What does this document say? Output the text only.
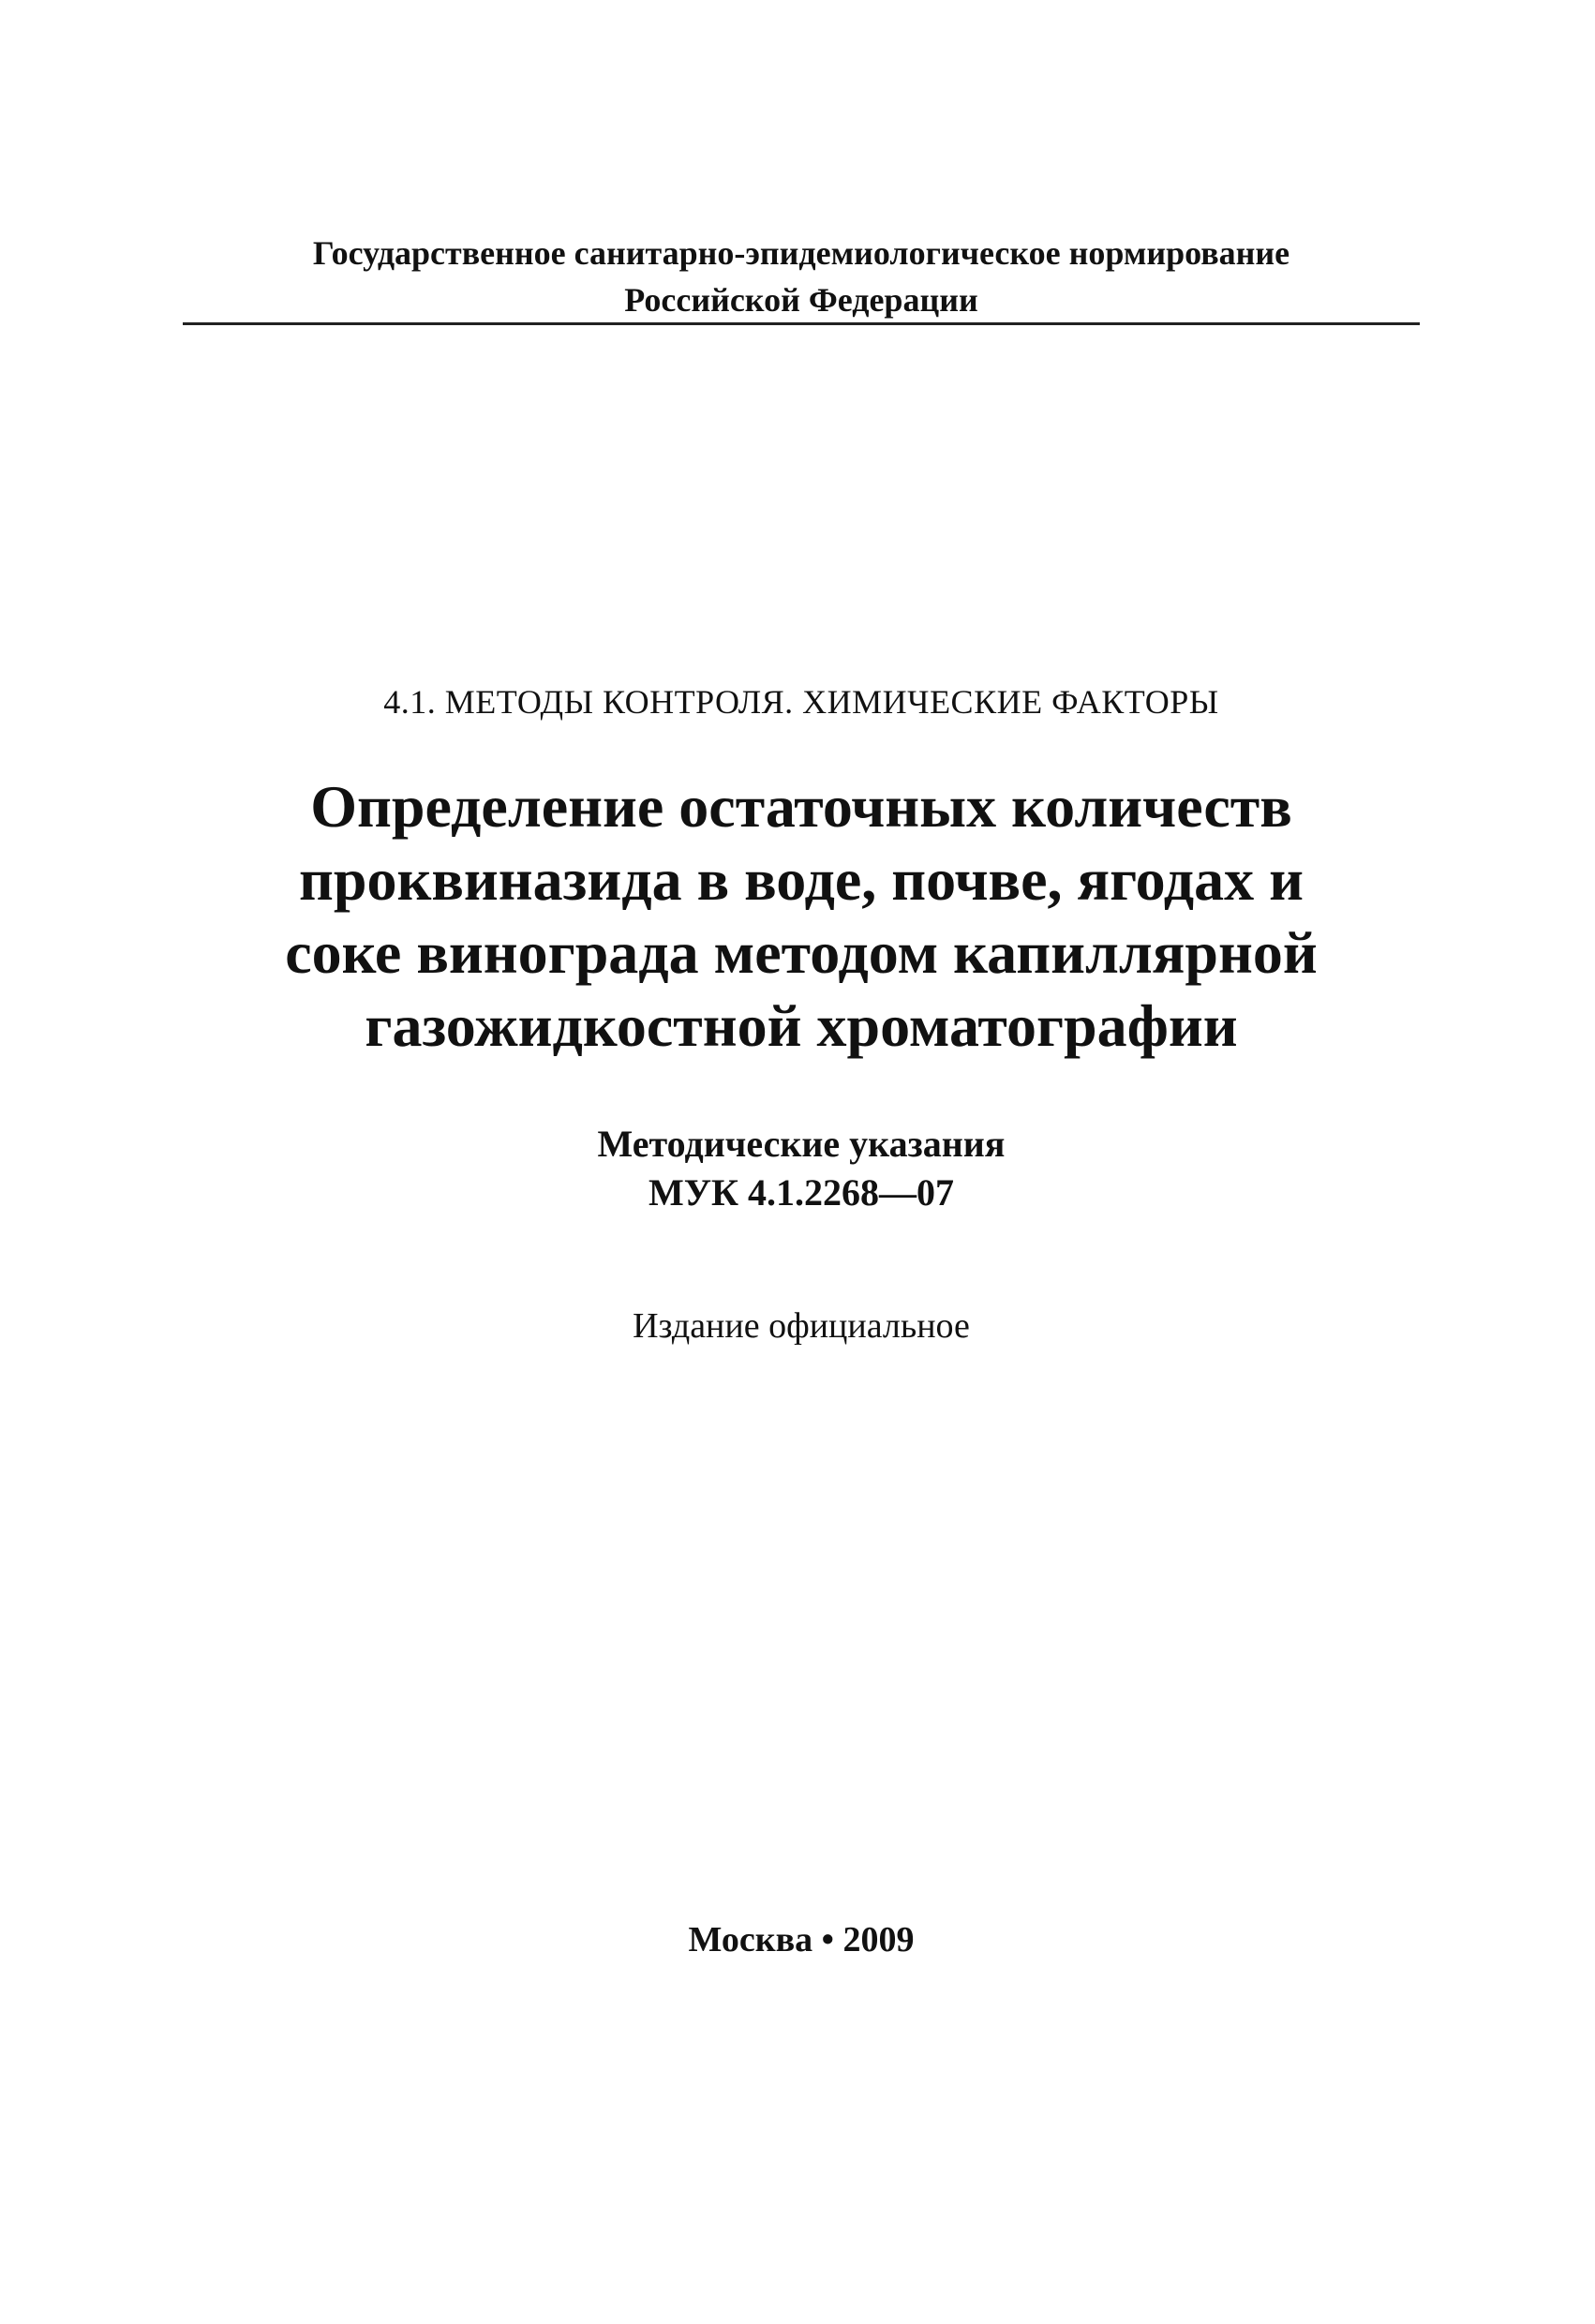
Государственное санитарно-эпидемиологическое нормирование
Российской Федерации
4.1. МЕТОДЫ КОНТРОЛЯ. ХИМИЧЕСКИЕ ФАКТОРЫ
Определение остаточных количеств
проквиназида в воде, почве, ягодах и
соке винограда методом капиллярной
газожидкостной хроматографии
Методические указания
МУК 4.1.2268—07
Издание официальное
Москва • 2009
